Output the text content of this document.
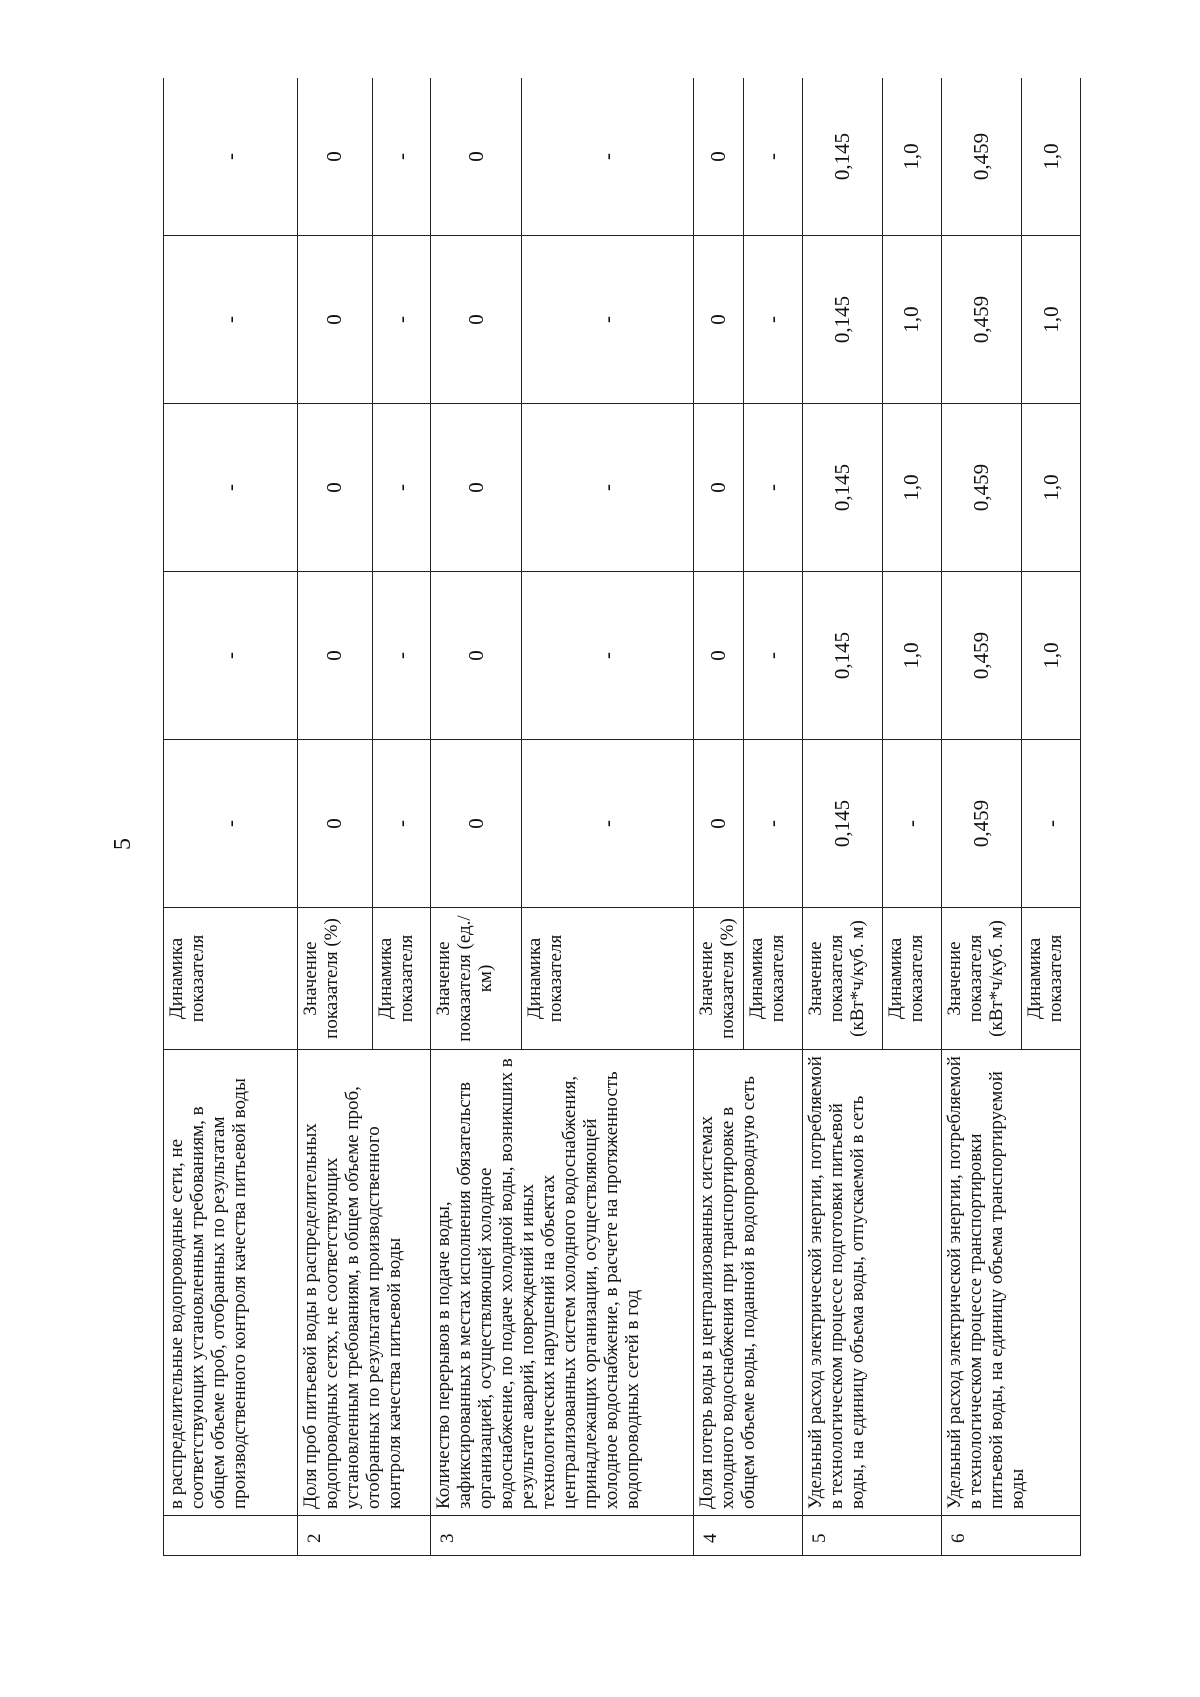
5
	в распределительные водопроводные сети, не соответствующих установленным требованиям, в общем объеме проб, отобранных по результатам производственного контроля качества питьевой воды	Динамика показателя	-	-	-	-	-
2	Доля проб питьевой воды в распределительных водопроводных сетях, не соответствующих установленным требованиям, в общем объеме проб, отобранных по результатам производственного контроля качества питьевой воды	Значение показателя (%)	0	0	0	0	0
		Динамика показателя	-	-	-	-	-
3	Количество перерывов в подаче воды, зафиксированных в местах исполнения обязательств организацией, осуществляющей холодное водоснабжение, по подаче холодной воды, возникших в результате аварий, повреждений и иных технологических нарушений на объектах централизованных систем холодного водоснабжения, принадлежащих организации, осуществляющей холодное водоснабжение, в расчете на протяженность водопроводных сетей в год	Значение показателя (ед./км)	0	0	0	0	0
		Динамика показателя	-	-	-	-	-
4	Доля потерь воды в централизованных системах холодного водоснабжения при транспортировке в общем объеме воды, поданной в водопроводную сеть	Значение показателя (%)	0	0	0	0	0
		Динамика показателя	-	-	-	-	-
5	Удельный расход электрической энергии, потребляемой в технологическом процессе подготовки питьевой воды, на единицу объема воды, отпускаемой в сеть	Значение показателя (кВт*ч/куб. м)	0,145	0,145	0,145	0,145	0,145
		Динамика показателя	-	1,0	1,0	1,0	1,0
6	Удельный расход электрической энергии, потребляемой в технологическом процессе транспортировки питьевой воды, на единицу объема транспортируемой воды	Значение показателя (кВт*ч/куб. м)	0,459	0,459	0,459	0,459	0,459
		Динамика показателя	-	1,0	1,0	1,0	1,0
